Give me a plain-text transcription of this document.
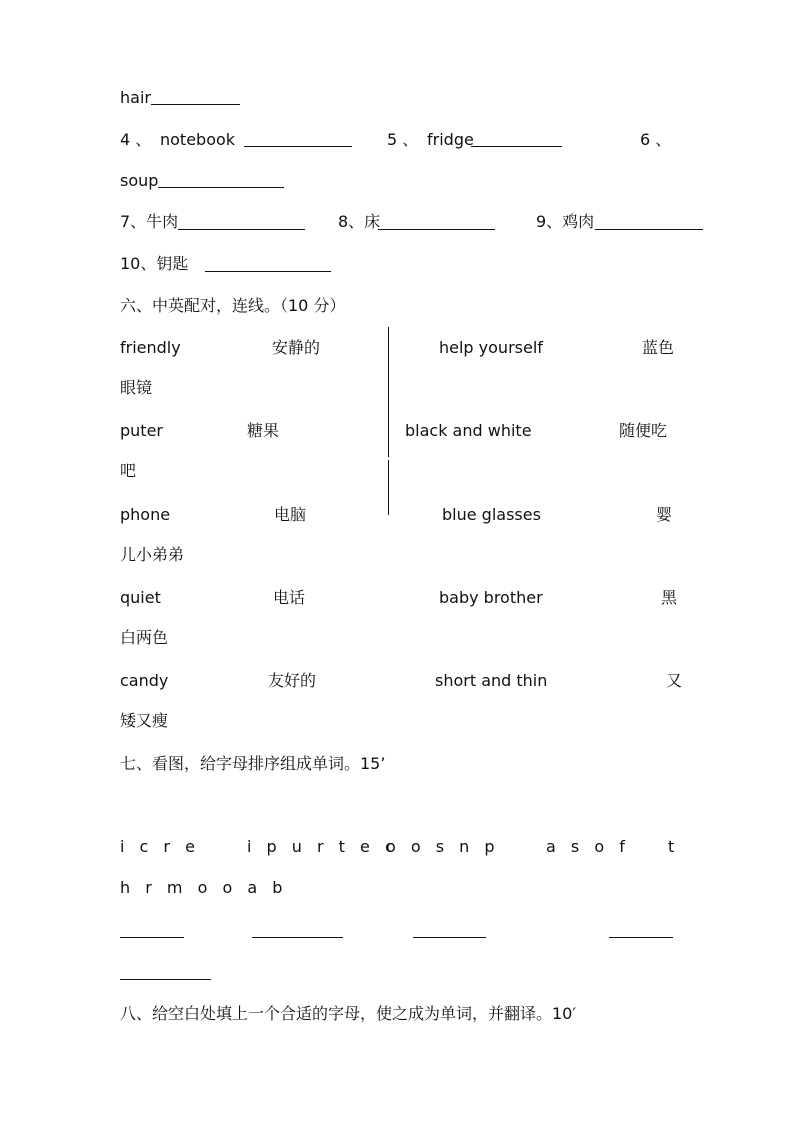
hair
4 、 notebook	5 、 fridge	6 、
soup
7、牛肉	8、床	9、鸡肉
10、钥匙
六、中英配对，连线。（10 分）
friendly	安静的	help yourself	蓝色
眼镜
puter	糖果	black and white	随便吃
吧
phone	电脑	blue glasses	婴
儿小弟弟
quiet	电话	baby brother	黑
白两色
candy	友好的	short and thin	又
矮又瘦
七、看图，给字母排序组成单词。15’
i c r e	i p u r t e c
o o s n p	a s o f t
h r m o o a b
八、给空白处填上一个合适的字母，使之成为单词，并翻译。10′
